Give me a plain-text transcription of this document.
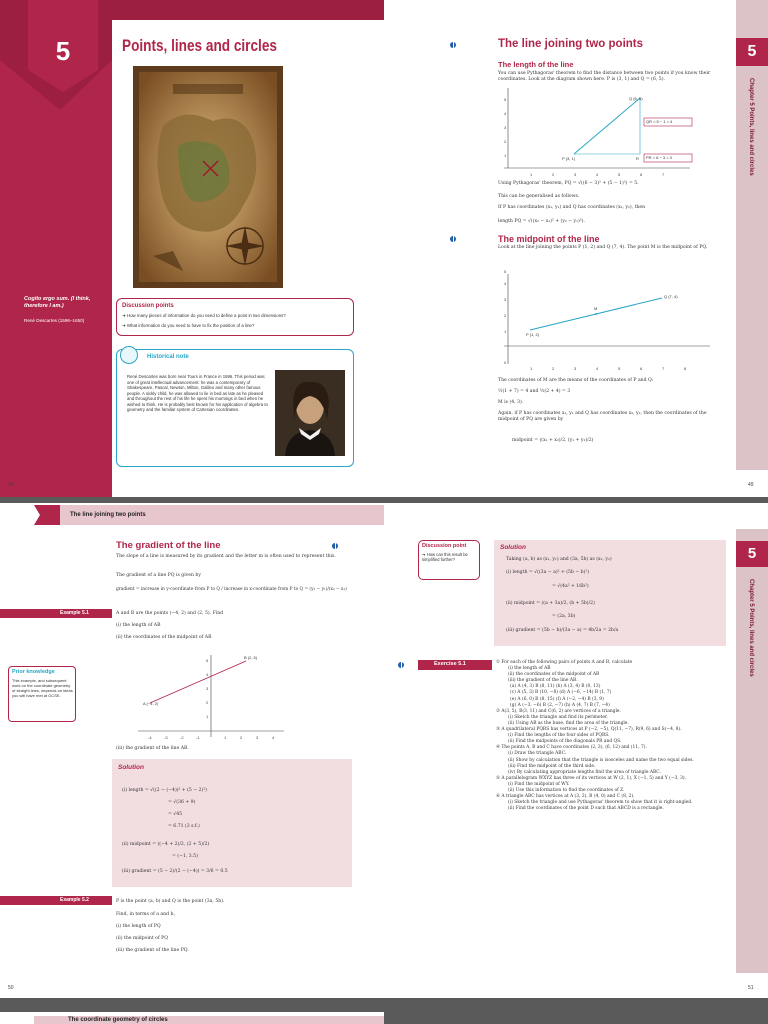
5	Points, lines and circles
Cogito ergo sum. (I think, therefore I am.)
René Descartes (1596–1650)
Discussion points
➜ How many pieces of information do you need to define a point in two dimensions?
➜ What information do you need to have to fix the position of a line?
Historical note
René Descartes was born near Tours in France in 1596. This period was one of great intellectual advancement: he was a contemporary of Shakespeare, Pascal, Newton, Milton, Galileo and many other famous people. A sickly child, he was allowed to lie in bed as late as he pleased and throughout the rest of his life he spent his mornings in bed when he wished to think. He is probably best known for his application of algebra to geometry and the familiar system of Cartesian coordinates.
48
5
Chapter 5 Points, lines and circles
The line joining two points
The length of the line
You can use Pythagoras' theorem to find the distance between two points if you know their coordinates. Look at the diagram shown here. P is (3, 1) and Q = (6, 5).
1
2
3
4
5
1	2	3	4	5	6	7
Q (6, 5)
P (3, 1)	R
QR = 5 − 1 = 4
PR = 6 − 3 = 3
Using Pythagoras' theorem, PQ = √((6 − 3)² + (5 − 1)²) = 5.
This can be generalised as follows.
If P has coordinates (x₁, y₁) and Q has coordinates (x₂, y₂), then
length PQ = √((x₂ − x₁)² + (y₂ − y₁)²).
The midpoint of the line
Look at the line joining the points P (1, 2) and Q (7, 4). The point M is the midpoint of PQ.
0
1
2
3
4
5
1	2	3	4	5	6	7	8
Q (7, 4)
P (1, 2)
M
The coordinates of M are the means of the coordinates of P and Q:
½(1 + 7) = 4 and ½(2 + 4) = 3
M is (4, 3).
Again, if P has coordinates x₁, y₁ and Q has coordinates x₂, y₂, then the coordinates of the midpoint of PQ are given by
midpoint = ((x₁ + x₂)/2, (y₁ + y₂)/2)
49
The line joining two points
The gradient of the line
The slope of a line is measured by its gradient and the letter m is often used to represent this.
The gradient of a line PQ is given by
gradient = increase in y-coordinate from P to Q / increase in x-coordinate from P to Q = (y₂ − y₁)/(x₂ − x₁)
Example 5.1	A and B are the points (−4, 2) and (2, 5). Find
(i) the length of AB
(ii) the coordinates of the midpoint of AB
Prior knowledge
This example, and subsequent work on the coordinate geometry of straight lines, depends on ideas you will have met at GCSE.
1
2
3
4
5
-4	-3	-2	-1	1	2	3	4
A (−4, 2)
B (2, 5)
(iii) the gradient of the line AB.
Solution
(i) length = √((2 − (−4))² + (5 − 2)²)
= √(36 + 9)
= √45
= 6.71 (3 s.f.)
(ii) midpoint = ((−4 + 2)/2, (2 + 5)/2)
= (−1, 3.5)
(iii) gradient = (5 − 2)/(2 − (−4)) = 3/6 = 0.5
Example 5.2	P is the point (a, b) and Q is the point (3a, 5b).
Find, in terms of a and b,
(i) the length of PQ
(ii) the midpoint of PQ
(iii) the gradient of the line PQ.
50
The coordinate geometry of circles
5
Chapter 5 Points, lines and circles
Discussion point
➜ How can this result be simplified further?
Solution
Taking (a, b) as (x₁, y₁) and (3a, 5b) as (x₂, y₂)
(i) length = √((3a − a)² + (5b − b)²)
= √(4a² + 16b²)
(ii) midpoint = ((a + 3a)/2, (b + 5b)/2)
= (2a, 3b)
(iii) gradient = (5b − b)/(3a − a) = 4b/2a = 2b/a
Exercise 5.1	① For each of the following pairs of points A and B, calculate
(i) the length of AB
(ii) the coordinates of the midpoint of AB
(iii) the gradient of the line AB.
(a) A (4, 3) B (8, 11) (b) A (3, 4) B (0, 13)
(c) A (5, 3) B (10, −8) (d) A (−6, −14) B (1, 7)
(e) A (6, 0) B (8, 15) (f) A (−2, −4) B (3, 9)
(g) A (−3, −6) B (2, −7) (h) A (4, 7) B (7, −4)
② A(3, 5), B(3, 11) and C(6, 2) are vertices of a triangle.
(i) Sketch the triangle and find its perimeter.
(ii) Using AB as the base, find the area of the triangle.
③ A quadrilateral PQRS has vertices at P (−2, −5), Q(11, −7), R(9, 6) and S(−4, 8).
(i) Find the lengths of the four sides of PQRS.
(ii) Find the midpoints of the diagonals PR and QS.
④ The points A, B and C have coordinates (2, 3), (6, 12) and (11, 7).
(i) Draw the triangle ABC.
(ii) Show by calculation that the triangle is isosceles and name the two equal sides.
(iii) Find the midpoint of the third side.
(iv) By calculating appropriate lengths find the area of triangle ABC.
⑤ A parallelogram WXYZ has three of its vertices at W (2, 1), X (−1, 5) and Y (−3, 3).
(i) Find the midpoint of WY.
(ii) Use this information to find the coordinates of Z.
⑥ A triangle ABC has vertices at A (3, 2), B (4, 0) and C (8, 2).
(i) Sketch the triangle and use Pythagoras' theorem to show that it is right-angled.
(ii) Find the coordinates of the point D such that ABCD is a rectangle.
51
